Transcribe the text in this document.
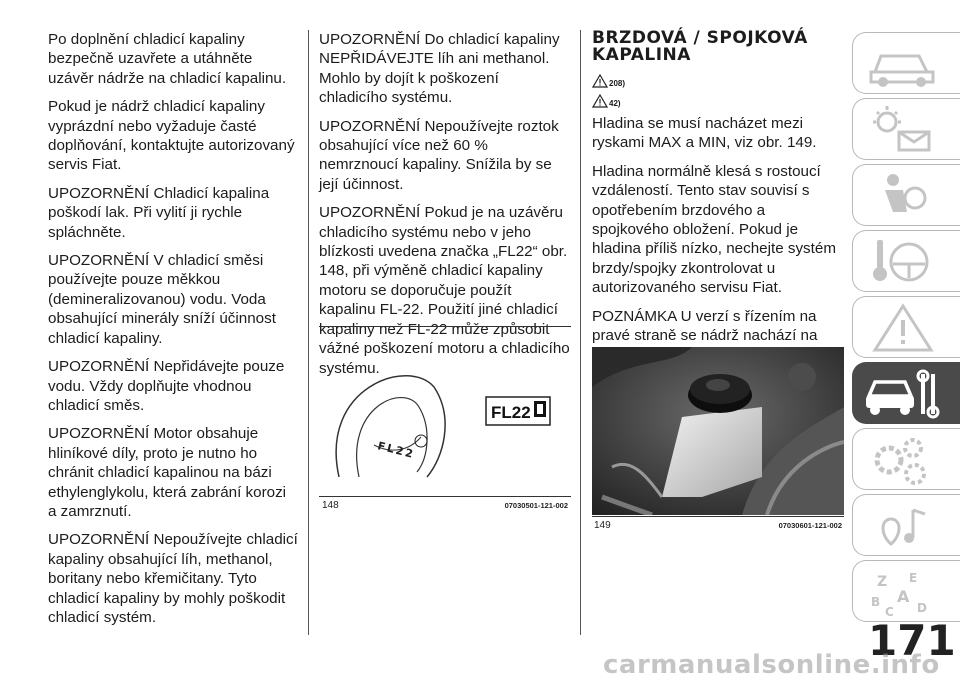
Po doplnění chladicí kapaliny bezpečně uzavřete a utáhněte uzávěr nádrže na chladicí kapalinu.

Pokud je nádrž chladicí kapaliny vyprázdní nebo vyžaduje časté doplňování, kontaktujte autorizovaný servis Fiat.

UPOZORNĚNÍ Chladicí kapalina poškodí lak. Při vylití ji rychle spláchněte.

UPOZORNĚNÍ V chladicí směsi používejte pouze měkkou (demineralizovanou) vodu. Voda obsahující minerály sníží účinnost chladicí kapaliny.

UPOZORNĚNÍ Nepřidávejte pouze vodu. Vždy doplňujte vhodnou chladicí směs.

UPOZORNĚNÍ Motor obsahuje hliníkové díly, proto je nutno ho chránit chladicí kapalinou na bázi ethylenglykolu, která zabrání korozi a zamrznutí.

UPOZORNĚNÍ Nepoužívejte chladicí kapaliny obsahující líh, methanol, boritany nebo křemičitany. Tyto chladicí kapaliny by mohly poškodit chladicí systém.

UPOZORNĚNÍ Do chladicí kapaliny NEPŘIDÁVEJTE líh ani methanol. Mohlo by dojít k poškození chladicího systému.

UPOZORNĚNÍ Nepoužívejte roztok obsahující více než 60 % nemrznoucí kapaliny. Snížila by se její účinnost.

UPOZORNĚNÍ Pokud je na uzávěru chladicího systému nebo v jeho blízkosti uvedena značka „FL22“ obr. 148, při výměně chladicí kapaliny motoru se doporučuje použít kapalinu FL-22. Použití jiné chladicí kapaliny než FL-22 může způsobit vážné poškození motoru a chladicího systému.

FL22
FL22
148	07030501-121-002
BRZDOVÁ / SPOJKOVÁ
KAPALINA
208)
42)

Hladina se musí nacházet mezi ryskami MAX a MIN, viz obr. 149.

Hladina normálně klesá s rostoucí vzdáleností. Tento stav souvisí s opotřebením brzdového a spojkového obložení. Pokud je hladina příliš nízko, nechejte systém brzdy/spojky zkontrolovat u autorizovaného servisu Fiat.

POZNÁMKA U verzí s řízením na pravé straně se nádrž nachází na

149	07030601-121-002
Z E
B A
C D
171
carmanualsonline.info
